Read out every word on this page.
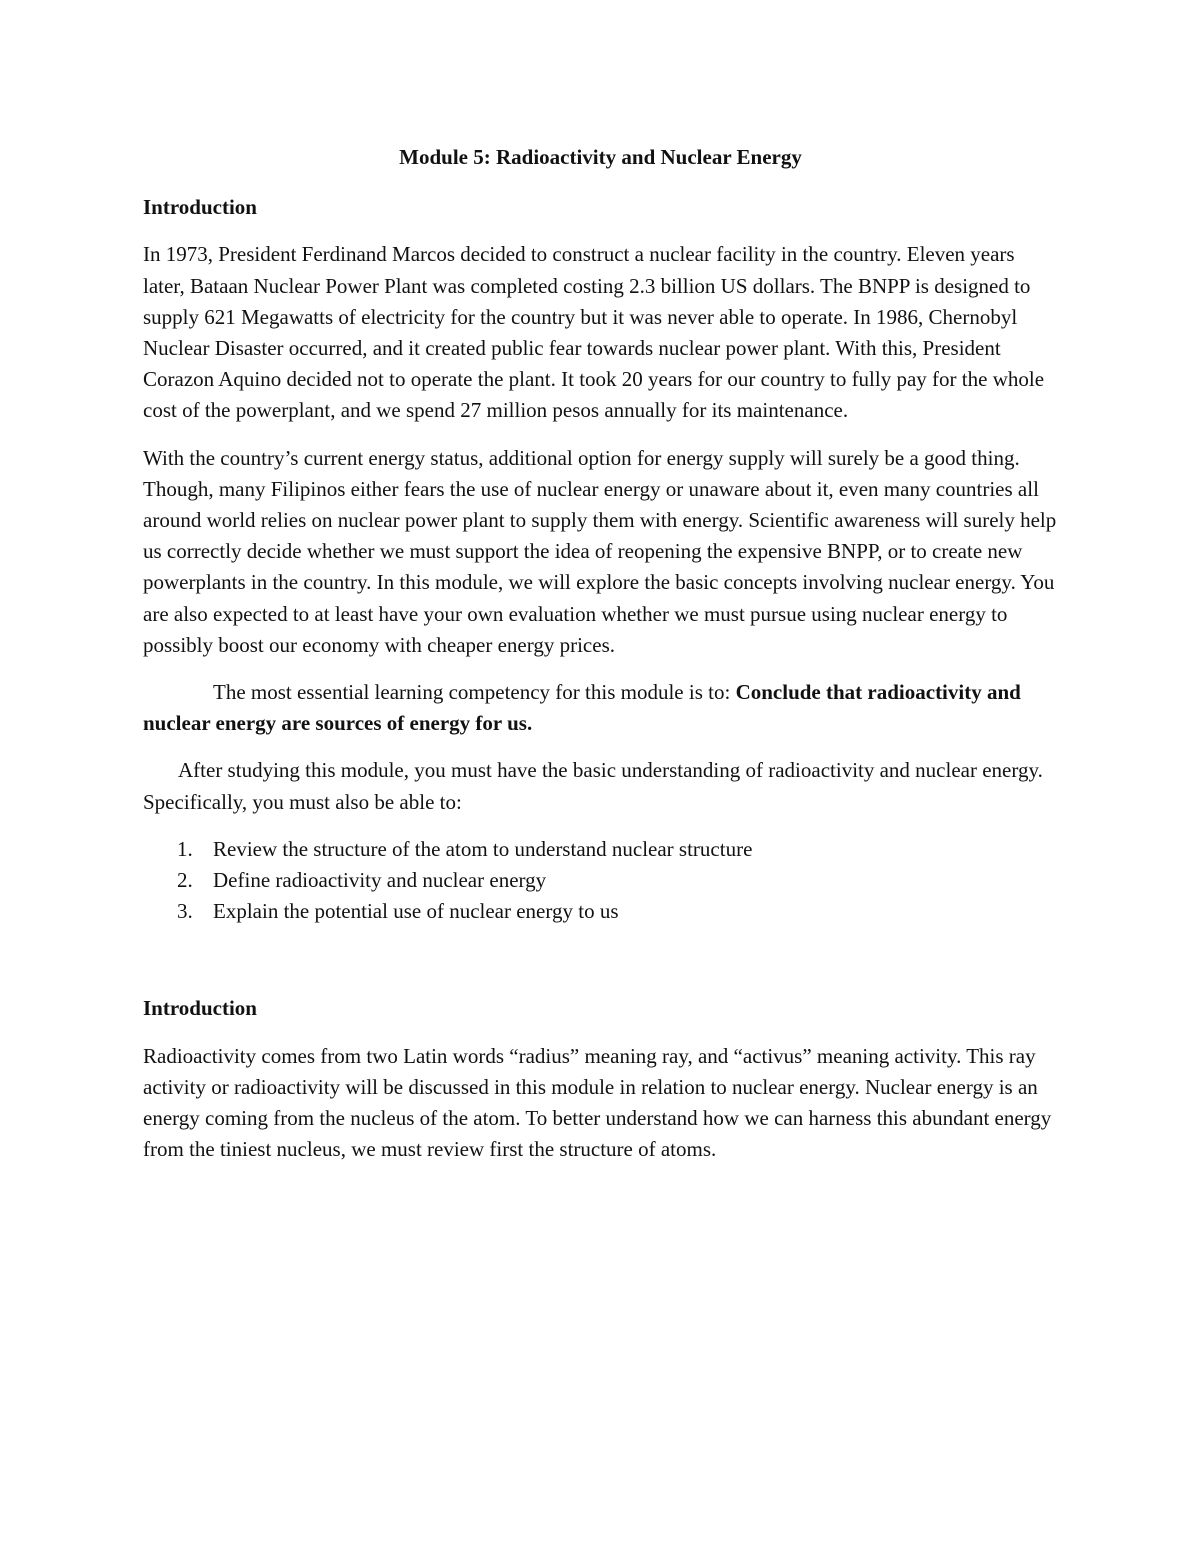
Module 5: Radioactivity and Nuclear Energy
Introduction

In 1973, President Ferdinand Marcos decided to construct a nuclear facility in the country. Eleven years later, Bataan Nuclear Power Plant was completed costing 2.3 billion US dollars. The BNPP is designed to supply 621 Megawatts of electricity for the country but it was never able to operate. In 1986, Chernobyl Nuclear Disaster occurred, and it created public fear towards nuclear power plant. With this, President Corazon Aquino decided not to operate the plant. It took 20 years for our country to fully pay for the whole cost of the powerplant, and we spend 27 million pesos annually for its maintenance.

With the country’s current energy status, additional option for energy supply will surely be a good thing. Though, many Filipinos either fears the use of nuclear energy or unaware about it, even many countries all around world relies on nuclear power plant to supply them with energy. Scientific awareness will surely help us correctly decide whether we must support the idea of reopening the expensive BNPP, or to create new powerplants in the country. In this module, we will explore the basic concepts involving nuclear energy. You are also expected to at least have your own evaluation whether we must pursue using nuclear energy to possibly boost our economy with cheaper energy prices.

The most essential learning competency for this module is to: Conclude that radioactivity and nuclear energy are sources of energy for us.

After studying this module, you must have the basic understanding of radioactivity and nuclear energy. Specifically, you must also be able to:

1. Review the structure of the atom to understand nuclear structure
2. Define radioactivity and nuclear energy
3. Explain the potential use of nuclear energy to us
Introduction

Radioactivity comes from two Latin words “radius” meaning ray, and “activus” meaning activity. This ray activity or radioactivity will be discussed in this module in relation to nuclear energy. Nuclear energy is an energy coming from the nucleus of the atom. To better understand how we can harness this abundant energy from the tiniest nucleus, we must review first the structure of atoms.
